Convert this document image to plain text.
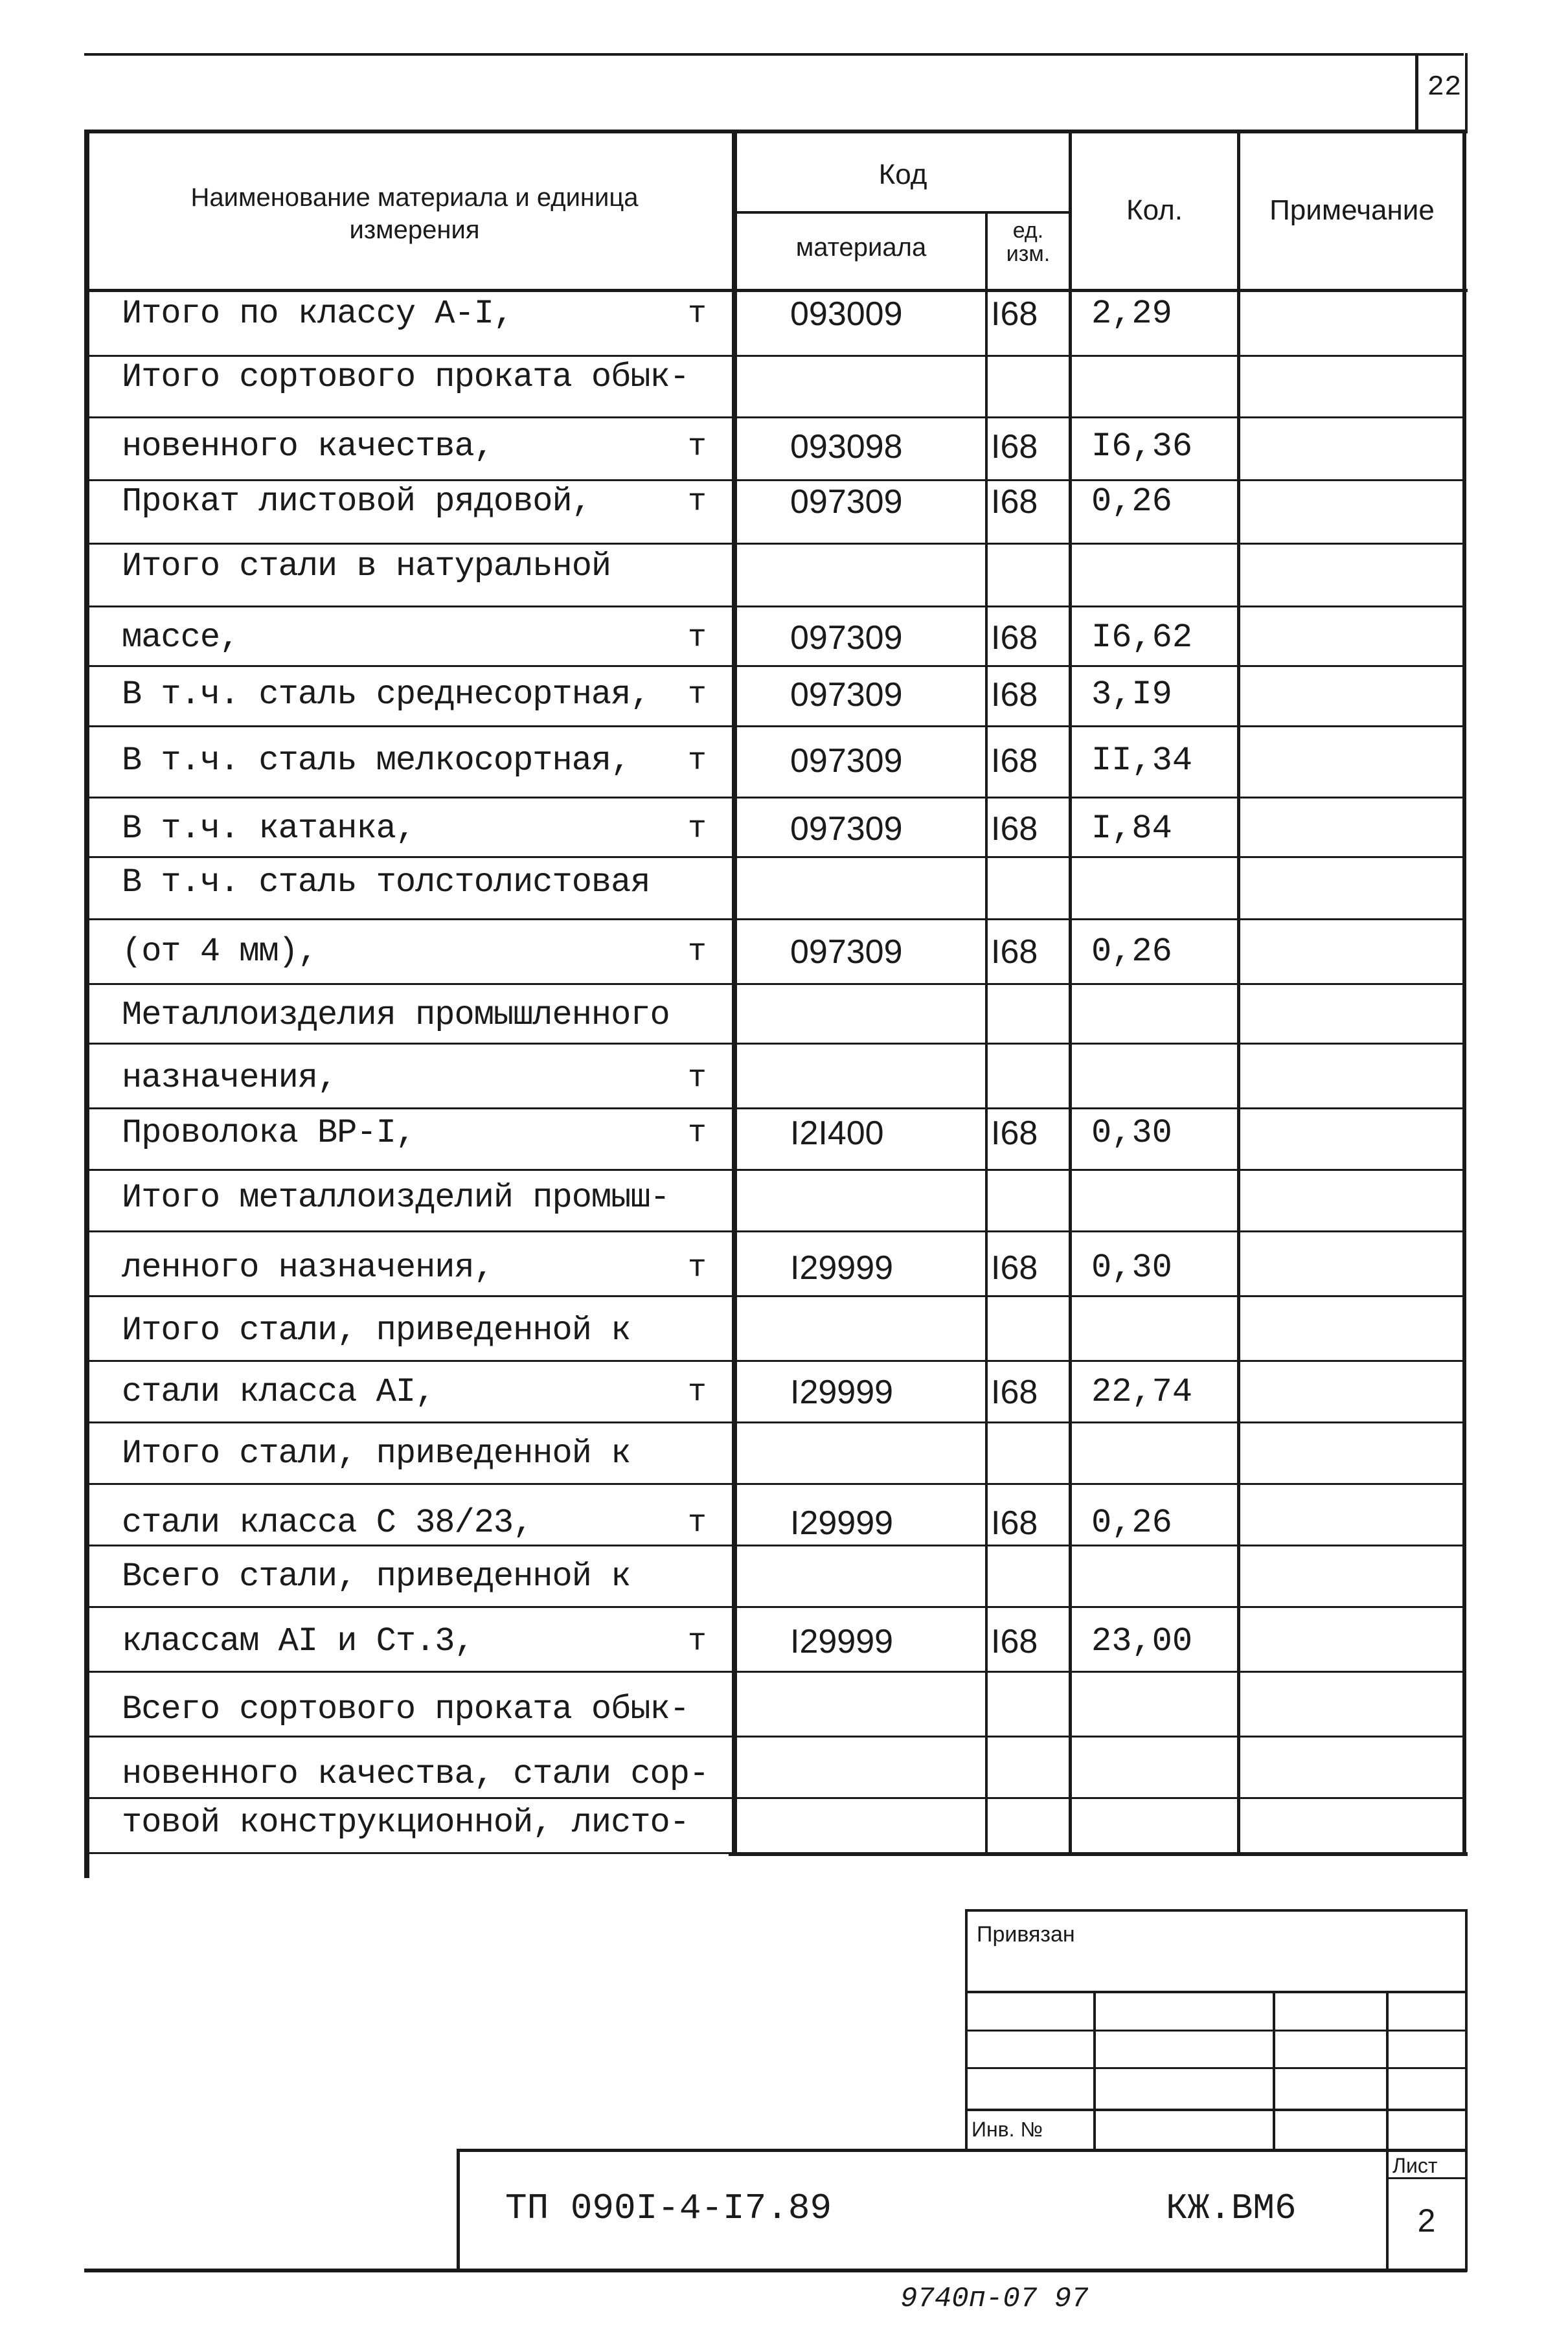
22
Наименование материала и единица измерения
Код
материала
ед. изм.
Кол.	Примечание
Итого по классу А-I,	т 093009	I68 2,29
Итого сортового проката обык-
новенного качества,	т 093098	I68 I6,36
Прокат листовой рядовой,	т 097309	I68 0,26
Итого стали в натуральной
массе,	т 097309	I68 I6,62
В т.ч. сталь среднесортная, т 097309	I68 3,I9
В т.ч. сталь мелкосортная, т 097309	I68 II,34
В т.ч. катанка,	т 097309	I68 I,84
В т.ч. сталь толстолистовая
(от 4 мм),	т 097309	I68 0,26
Металлоизделия промышленного
назначения,	т
Проволока ВР-I,	т I2I400	I68 0,30
Итого металлоизделий промыш-
ленного назначения,	т I29999	I68 0,30
Итого стали, приведенной к
стали класса АI,	т I29999	I68 22,74
Итого стали, приведенной к
стали класса С 38/23,	т I29999	I68 0,26
Всего стали, приведенной к
классам АI и Ст.3,	т I29999	I68 23,00
Всего сортового проката обык-
новенного качества, стали сор-
товой конструкционной, листо-
Привязан
Инв. №
ТП 090I-4-I7.89	КЖ.ВМ6
Лист
2
9740п-07 97
